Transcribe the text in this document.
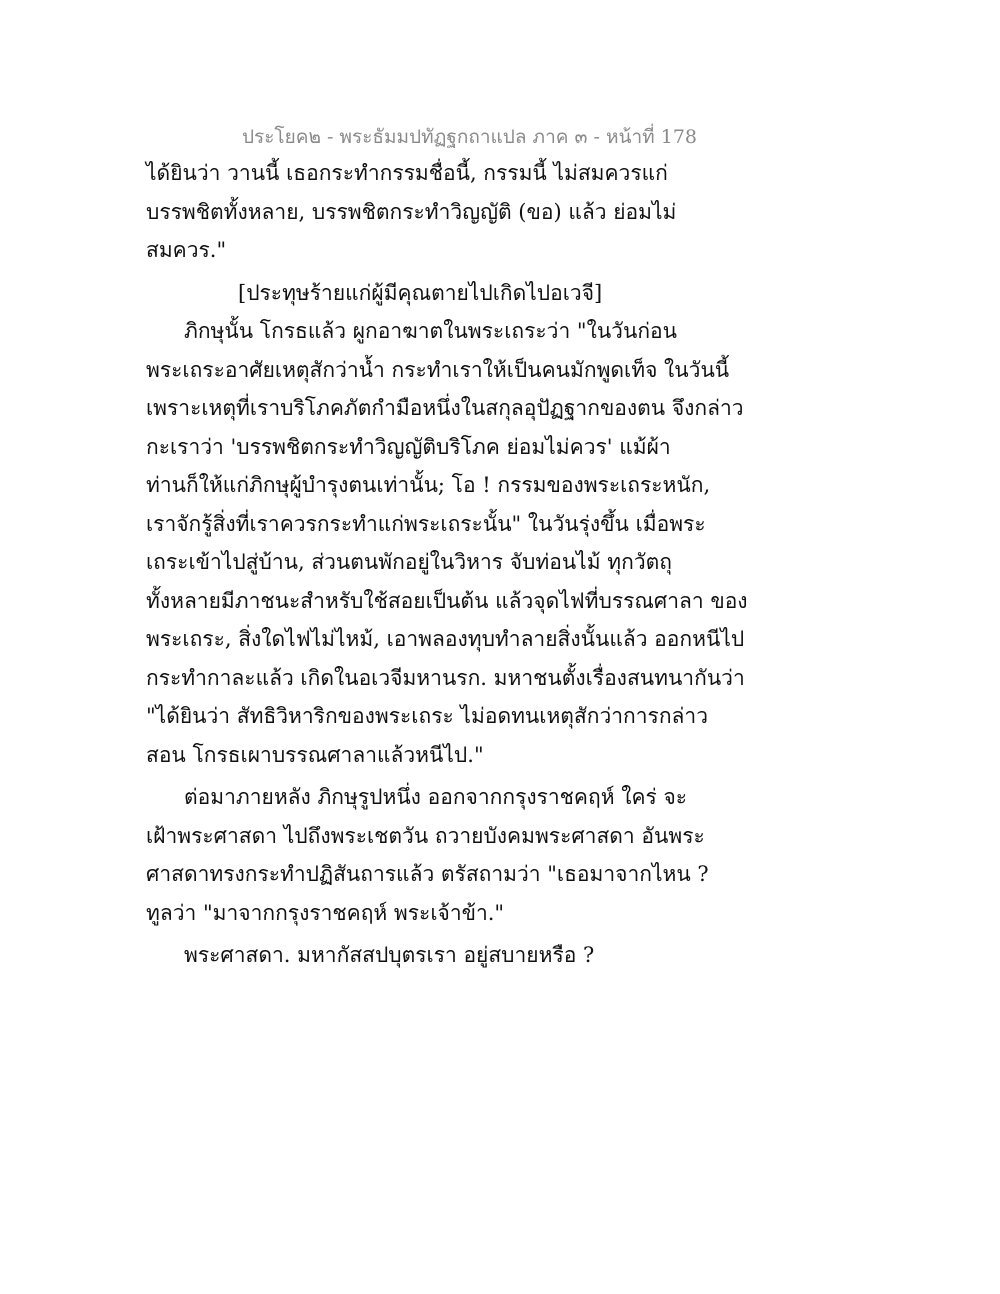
ประโยค๒ - พระธัมมปทัฏฐกถาแปล ภาค ๓ - หน้าที่ 178
ได้ยินว่า วานนี้ เธอกระทำกรรมชื่อนี้, กรรมนี้ ไม่สมควรแก่
บรรพชิตทั้งหลาย, บรรพชิตกระทำวิญญัติ (ขอ) แล้ว ย่อมไม่
สมควร."
[ประทุษร้ายแก่ผู้มีคุณตายไปเกิดไปอเวจี]
ภิกษุนั้น โกรธแล้ว ผูกอาฆาตในพระเถระว่า "ในวันก่อน
พระเถระอาศัยเหตุสักว่าน้ำ กระทำเราให้เป็นคนมักพูดเท็จ ในวันนี้
เพราะเหตุที่เราบริโภคภัตกำมือหนึ่งในสกุลอุปัฏฐากของตน จึงกล่าว
กะเราว่า 'บรรพชิตกระทำวิญญัติบริโภค ย่อมไม่ควร' แม้ผ้า
ท่านก็ให้แก่ภิกษุผู้บำรุงตนเท่านั้น; โอ ! กรรมของพระเถระหนัก,
เราจักรู้สิ่งที่เราควรกระทำแก่พระเถระนั้น" ในวันรุ่งขึ้น เมื่อพระ
เถระเข้าไปสู่บ้าน, ส่วนตนพักอยู่ในวิหาร จับท่อนไม้ ทุกวัตถุ
ทั้งหลายมีภาชนะสำหรับใช้สอยเป็นต้น แล้วจุดไฟที่บรรณศาลา ของ
พระเถระ, สิ่งใดไฟไม่ไหม้, เอาพลองทุบทำลายสิ่งนั้นแล้ว ออกหนีไป
กระทำกาละแล้ว เกิดในอเวจีมหานรก. มหาชนตั้งเรื่องสนทนากันว่า
"ได้ยินว่า สัทธิวิหาริกของพระเถระ ไม่อดทนเหตุสักว่าการกล่าว
สอน โกรธเผาบรรณศาลาแล้วหนีไป."
ต่อมาภายหลัง ภิกษุรูปหนึ่ง ออกจากกรุงราชคฤห์ ใคร่ จะ
เฝ้าพระศาสดา ไปถึงพระเชตวัน ถวายบังคมพระศาสดา อันพระ
ศาสดาทรงกระทำปฏิสันถารแล้ว ตรัสถามว่า "เธอมาจากไหน ?
ทูลว่า "มาจากกรุงราชคฤห์ พระเจ้าข้า."
พระศาสดา. มหากัสสปบุตรเรา อยู่สบายหรือ ?
